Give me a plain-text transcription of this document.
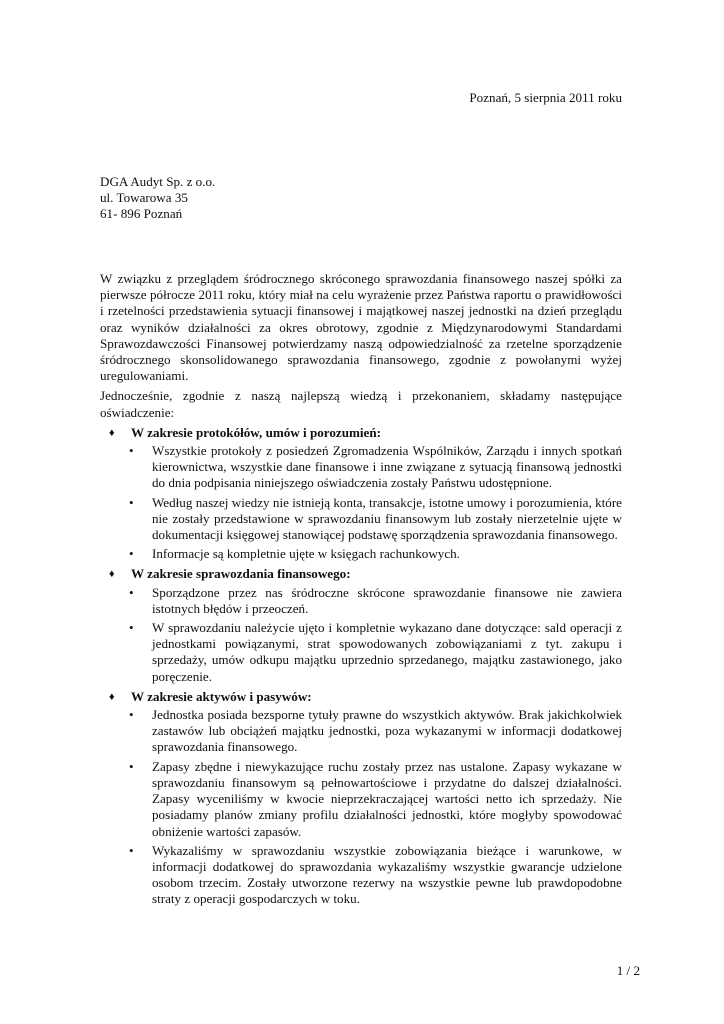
Poznań, 5 sierpnia 2011 roku
DGA Audyt Sp. z o.o.
ul. Towarowa 35
61- 896 Poznań

W związku z przeglądem śródrocznego skróconego sprawozdania finansowego naszej spółki za pierwsze półrocze 2011 roku, który miał na celu wyrażenie przez Państwa raportu o prawidłowości i rzetelności przedstawienia sytuacji finansowej i majątkowej naszej jednostki na dzień przeglądu oraz wyników działalności za okres obrotowy, zgodnie z Międzynarodowymi Standardami Sprawozdawczości Finansowej potwierdzamy naszą odpowiedzialność za rzetelne sporządzenie śródrocznego skonsolidowanego sprawozdania finansowego, zgodnie z powołanymi wyżej uregulowaniami.

Jednocześnie, zgodnie z naszą najlepszą wiedzą i przekonaniem, składamy następujące oświadczenie:

♦ W zakresie protokółów, umów i porozumień:
• Wszystkie protokoły z posiedzeń Zgromadzenia Wspólników, Zarządu i innych spotkań kierownictwa, wszystkie dane finansowe i inne związane z sytuacją finansową jednostki do dnia podpisania niniejszego oświadczenia zostały Państwu udostępnione.
• Według naszej wiedzy nie istnieją konta, transakcje, istotne umowy i porozumienia, które nie zostały przedstawione w sprawozdaniu finansowym lub zostały nierzetelnie ujęte w dokumentacji księgowej stanowiącej podstawę sporządzenia sprawozdania finansowego.
• Informacje są kompletnie ujęte w księgach rachunkowych.
♦ W zakresie sprawozdania finansowego:
• Sporządzone przez nas śródroczne skrócone sprawozdanie finansowe nie zawiera istotnych błędów i przeoczeń.
• W sprawozdaniu należycie ujęto i kompletnie wykazano dane dotyczące: sald operacji z jednostkami powiązanymi, strat spowodowanych zobowiązaniami z tyt. zakupu i sprzedaży, umów odkupu majątku uprzednio sprzedanego, majątku zastawionego, jako poręczenie.
♦ W zakresie aktywów i pasywów:
• Jednostka posiada bezsporne tytuły prawne do wszystkich aktywów. Brak jakichkolwiek zastawów lub obciążeń majątku jednostki, poza wykazanymi w informacji dodatkowej sprawozdania finansowego.
• Zapasy zbędne i niewykazujące ruchu zostały przez nas ustalone. Zapasy wykazane w sprawozdaniu finansowym są pełnowartościowe i przydatne do dalszej działalności. Zapasy wyceniliśmy w kwocie nieprzekraczającej wartości netto ich sprzedaży. Nie posiadamy planów zmiany profilu działalności jednostki, które mogłyby spowodować obniżenie wartości zapasów.
• Wykazaliśmy w sprawozdaniu wszystkie zobowiązania bieżące i warunkowe, w informacji dodatkowej do sprawozdania wykazaliśmy wszystkie gwarancje udzielone osobom trzecim. Zostały utworzone rezerwy na wszystkie pewne lub prawdopodobne straty z operacji gospodarczych w toku.
1 / 2
